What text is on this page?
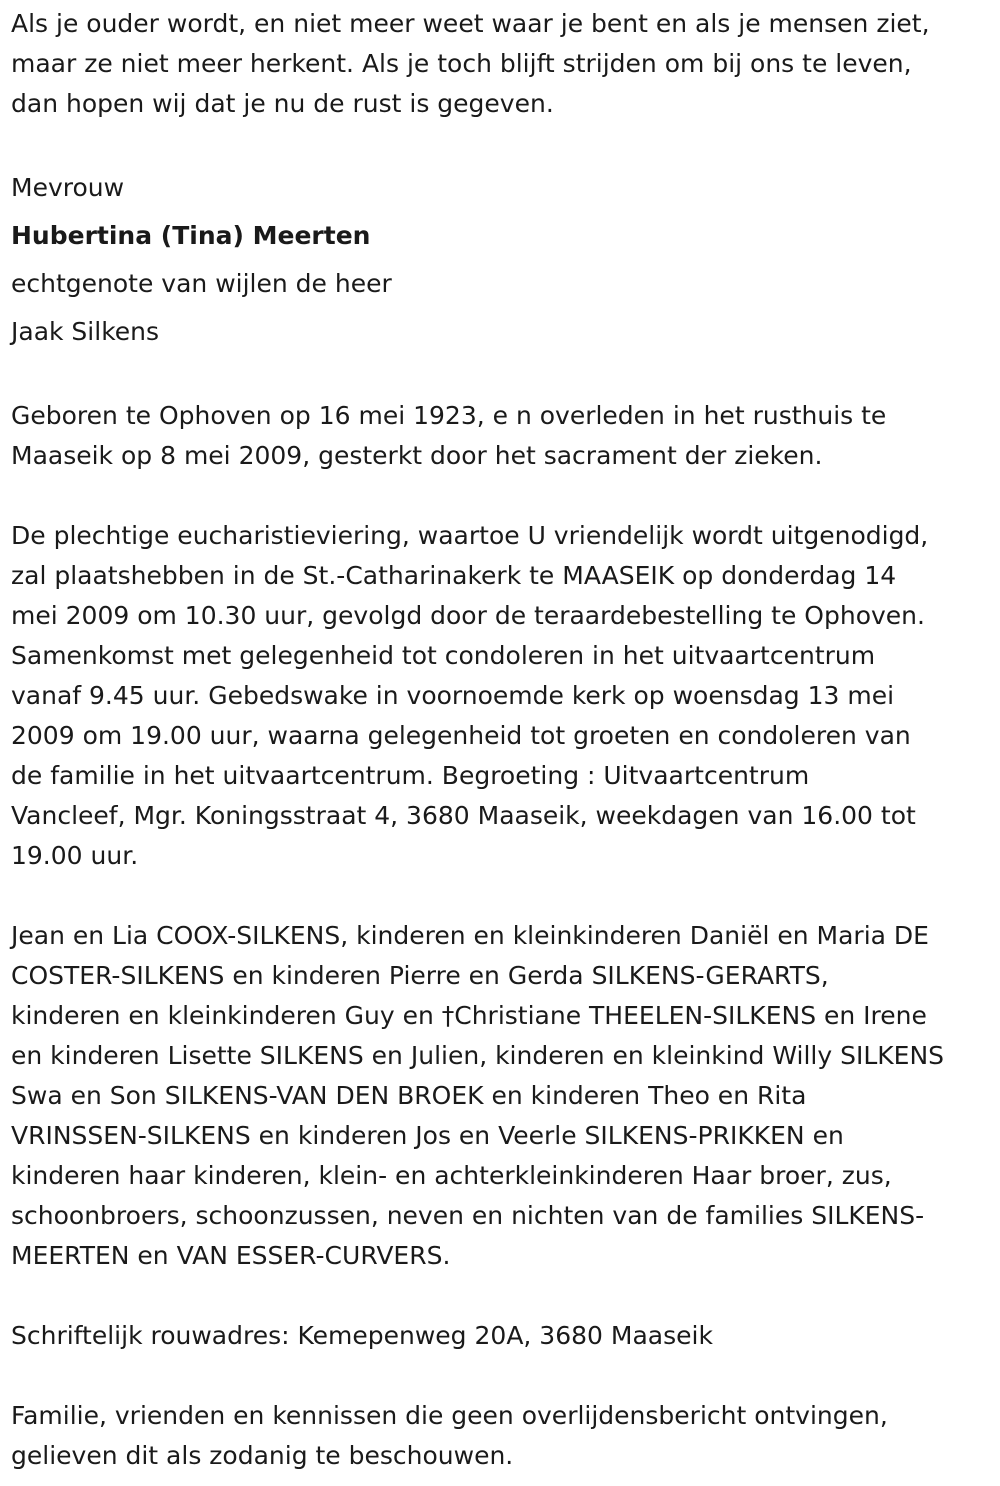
Als je ouder wordt, en niet meer weet waar je bent en als je mensen ziet,
maar ze niet meer herkent. Als je toch blijft strijden om bij ons te leven,
dan hopen wij dat je nu de rust is gegeven.

Mevrouw

Hubertina (Tina) Meerten

echtgenote van wijlen de heer

Jaak Silkens

Geboren te Ophoven op 16 mei 1923, e n overleden in het rusthuis te
Maaseik op 8 mei 2009, gesterkt door het sacrament der zieken.

De plechtige eucharistieviering, waartoe U vriendelijk wordt uitgenodigd,
zal plaatshebben in de St.-Catharinakerk te MAASEIK op donderdag 14
mei 2009 om 10.30 uur, gevolgd door de teraardebestelling te Ophoven.
Samenkomst met gelegenheid tot condoleren in het uitvaartcentrum
vanaf 9.45 uur. Gebedswake in voornoemde kerk op woensdag 13 mei
2009 om 19.00 uur, waarna gelegenheid tot groeten en condoleren van
de familie in het uitvaartcentrum. Begroeting : Uitvaartcentrum
Vancleef, Mgr. Koningsstraat 4, 3680 Maaseik, weekdagen van 16.00 tot
19.00 uur.

Jean en Lia COOX-SILKENS, kinderen en kleinkinderen Daniël en Maria DE
COSTER-SILKENS en kinderen Pierre en Gerda SILKENS-GERARTS,
kinderen en kleinkinderen Guy en †Christiane THEELEN-SILKENS en Irene
en kinderen Lisette SILKENS en Julien, kinderen en kleinkind Willy SILKENS
Swa en Son SILKENS-VAN DEN BROEK en kinderen Theo en Rita
VRINSSEN-SILKENS en kinderen Jos en Veerle SILKENS-PRIKKEN en
kinderen haar kinderen, klein- en achterkleinkinderen Haar broer, zus,
schoonbroers, schoonzussen, neven en nichten van de families SILKENS-
MEERTEN en VAN ESSER-CURVERS.

Schriftelijk rouwadres: Kemepenweg 20A, 3680 Maaseik

Familie, vrienden en kennissen die geen overlijdensbericht ontvingen,
gelieven dit als zodanig te beschouwen.
